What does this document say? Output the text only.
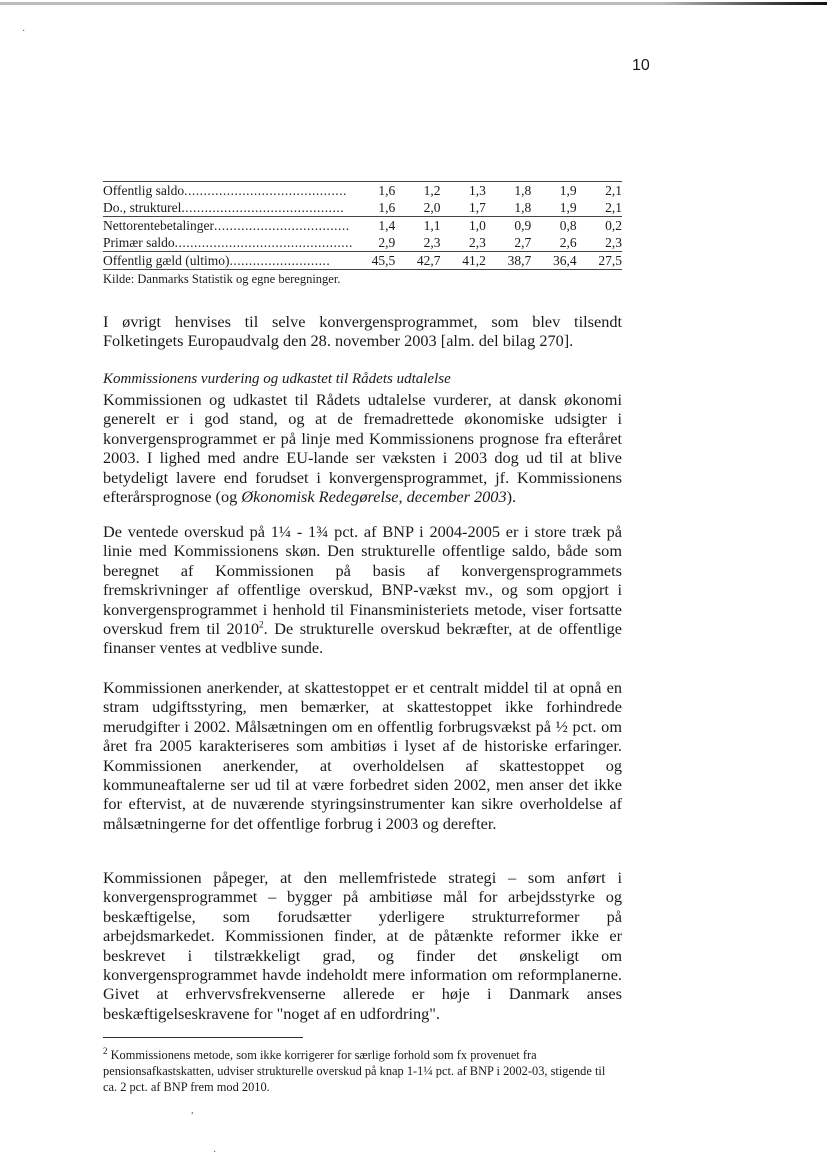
·
10
Offentlig saldo..........................................	1,6	1,2	1,3	1,8	1,9	2,1
Do., strukturel..........................................	1,6	2,0	1,7	1,8	1,9	2,1
Nettorentebetalinger...................................	1,4	1,1	1,0	0,9	0,8	0,2
Primær saldo..............................................	2,9	2,3	2,3	2,7	2,6	2,3
Offentlig gæld (ultimo)..........................	45,5	42,7	41,2	38,7	36,4	27,5
Kilde: Danmarks Statistik og egne beregninger.

I øvrigt henvises til selve konvergensprogrammet, som blev tilsendt Folketingets Europaudvalg den 28. november 2003 [alm. del bilag 270].

Kommissionens vurdering og udkastet til Rådets udtalelse

Kommissionen og udkastet til Rådets udtalelse vurderer, at dansk økonomi generelt er i god stand, og at de fremadrettede økonomiske udsigter i konvergensprogrammet er på linje med Kommissionens prognose fra efteråret 2003. I lighed med andre EU-lande ser væksten i 2003 dog ud til at blive betydeligt lavere end forudset i konvergensprogrammet, jf. Kommissionens efterårsprognose (og Økonomisk Redegørelse, december 2003).

De ventede overskud på 1¼ - 1¾ pct. af BNP i 2004-2005 er i store træk på linie med Kommissionens skøn. Den strukturelle offentlige saldo, både som beregnet af Kommissionen på basis af konvergensprogrammets fremskrivninger af offentlige overskud, BNP-vækst mv., og som opgjort i konvergensprogrammet i henhold til Finansministeriets metode, viser fortsatte overskud frem til 2010$^2$. De strukturelle overskud bekræfter, at de offentlige finanser ventes at vedblive sunde.

Kommissionen anerkender, at skattestoppet er et centralt middel til at opnå en stram udgiftsstyring, men bemærker, at skattestoppet ikke forhindrede merudgifter i 2002. Målsætningen om en offentlig forbrugsvækst på ½ pct. om året fra 2005 karakteriseres som ambitiøs i lyset af de historiske erfaringer. Kommissionen anerkender, at overholdelsen af skattestoppet og kommuneaftalerne ser ud til at være forbedret siden 2002, men anser det ikke for eftervist, at de nuværende styringsinstrumenter kan sikre overholdelse af målsætningerne for det offentlige forbrug i 2003 og derefter.

Kommissionen påpeger, at den mellemfristede strategi – som anført i konvergensprogrammet – bygger på ambitiøse mål for arbejdsstyrke og beskæftigelse, som forudsætter yderligere strukturreformer på arbejdsmarkedet. Kommissionen finder, at de påtænkte reformer ikke er beskrevet i tilstrækkeligt grad, og finder det ønskeligt om konvergensprogrammet havde indeholdt mere information om reformplanerne. Givet at erhvervsfrekvenserne allerede er høje i Danmark anses beskæftigelseskravene for "noget af en udfordring".

$^2$ Kommissionens metode, som ikke korrigerer for særlige forhold som fx provenuet fra pensionsafkastskatten, udviser strukturelle overskud på knap 1-1¼ pct. af BNP i 2002-03, stigende til ca. 2 pct. af BNP frem mod 2010.

,
·
